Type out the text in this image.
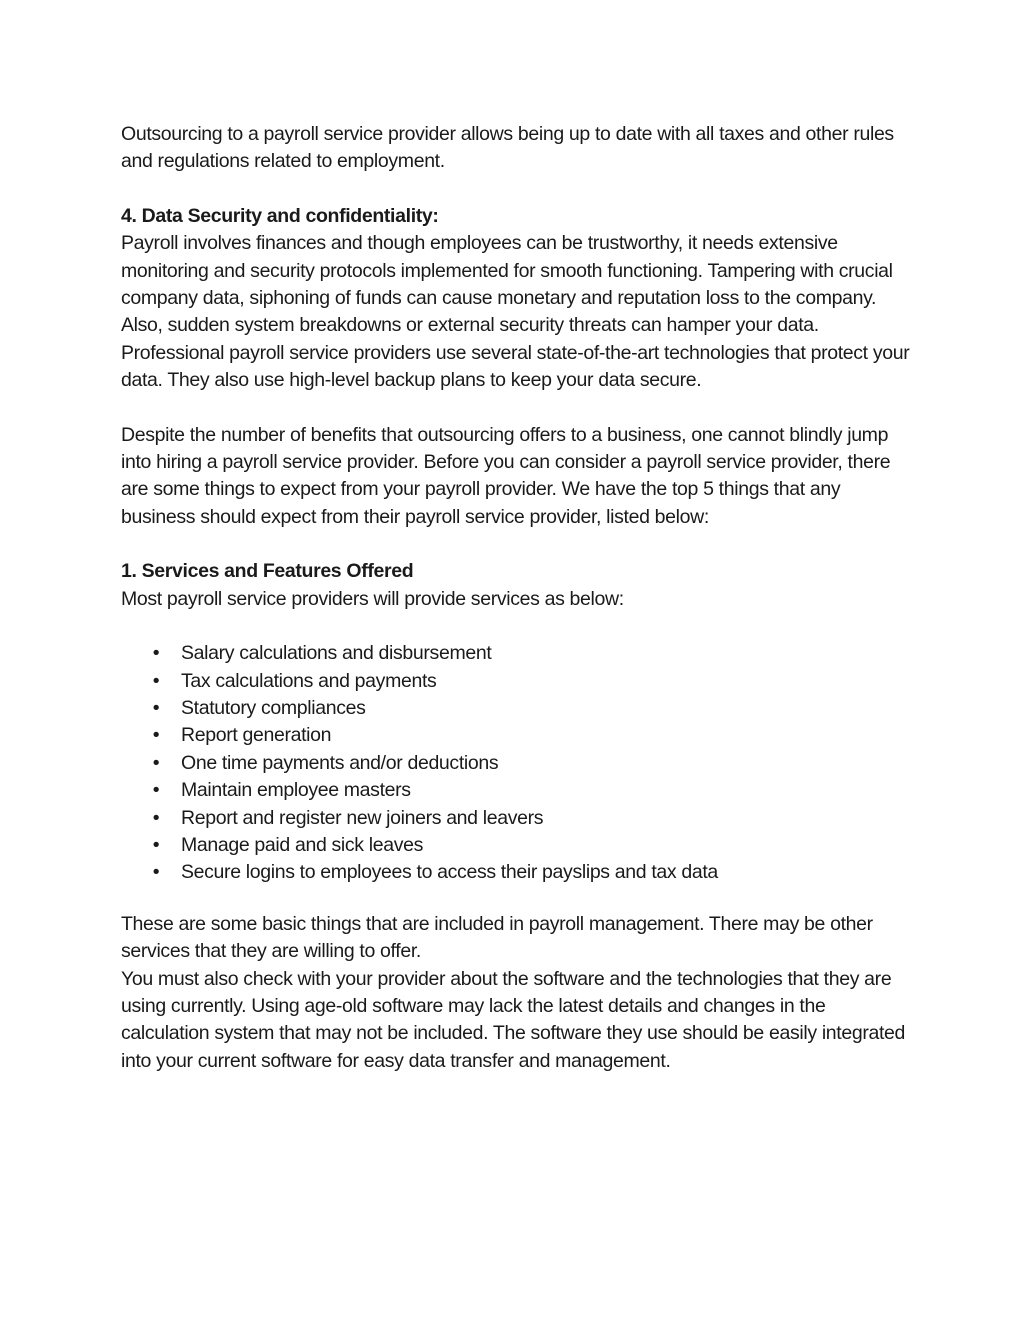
Outsourcing to a payroll service provider allows being up to date with all taxes and other rules and regulations related to employment.

4. Data Security and confidentiality:

Payroll involves finances and though employees can be trustworthy, it needs extensive monitoring and security protocols implemented for smooth functioning. Tampering with crucial company data, siphoning of funds can cause monetary and reputation loss to the company. Also, sudden system breakdowns or external security threats can hamper your data. Professional payroll service providers use several state-of-the-art technologies that protect your data. They also use high-level backup plans to keep your data secure.

Despite the number of benefits that outsourcing offers to a business, one cannot blindly jump into hiring a payroll service provider. Before you can consider a payroll service provider, there are some things to expect from your payroll provider. We have the top 5 things that any business should expect from their payroll service provider, listed below:

1. Services and Features Offered

Most payroll service providers will provide services as below:

• Salary calculations and disbursement
• Tax calculations and payments
• Statutory compliances
• Report generation
• One time payments and/or deductions
• Maintain employee masters
• Report and register new joiners and leavers
• Manage paid and sick leaves
• Secure logins to employees to access their payslips and tax data

These are some basic things that are included in payroll management. There may be other services that they are willing to offer.

You must also check with your provider about the software and the technologies that they are using currently. Using age-old software may lack the latest details and changes in the calculation system that may not be included. The software they use should be easily integrated into your current software for easy data transfer and management.
